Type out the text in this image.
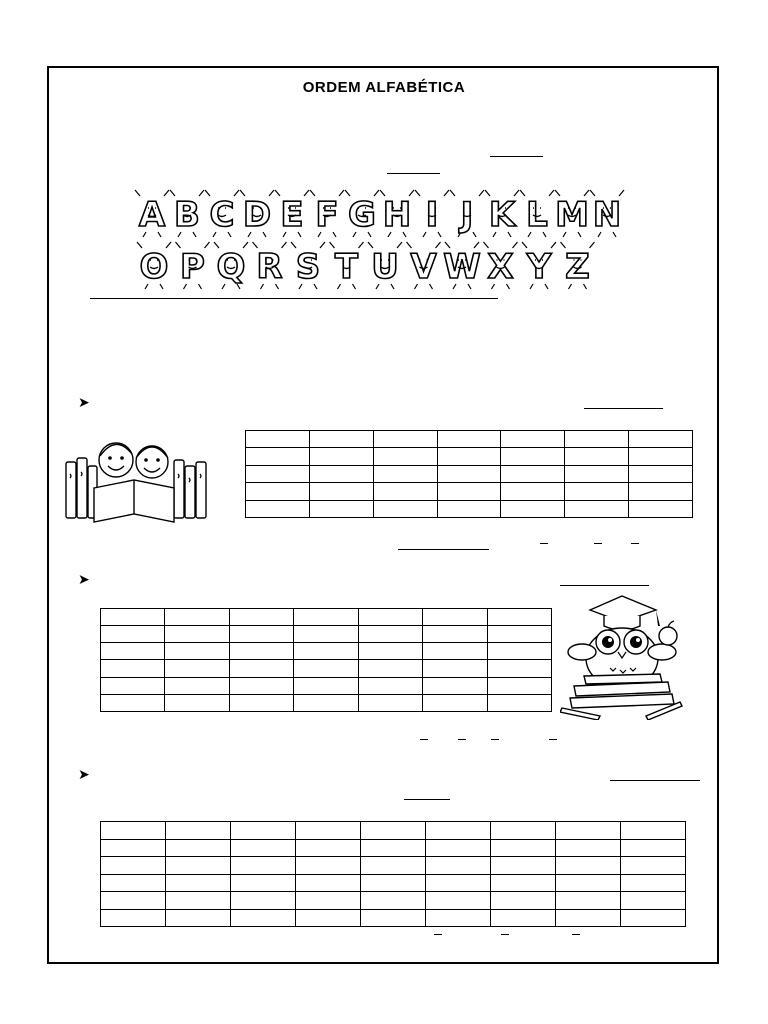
ORDEM ALFABÉTICA
A B C D E F G H I J K L M N
O P Q R S T U V W X Y Z
➤

➤

➤
